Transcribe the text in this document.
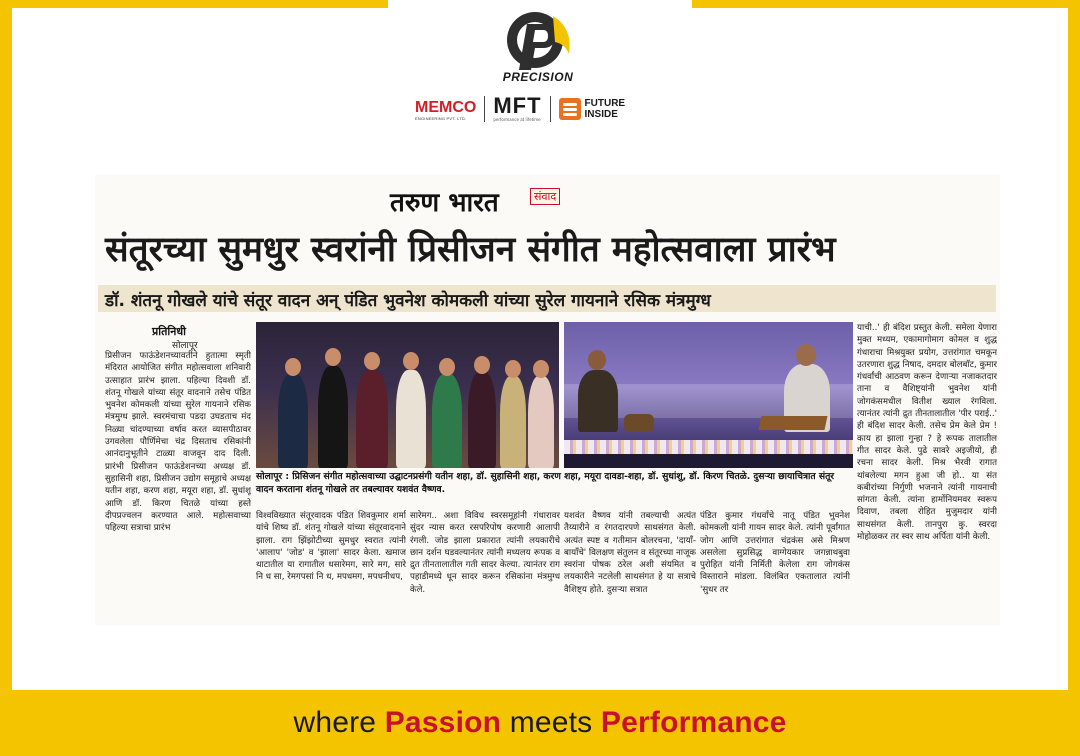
PRECISION
MEMCO
ENGINEERING PVT. LTD.
MFT
performance at lifetime
FUTURE
INSIDE
तरुण भारत	संवाद
संतूरच्या सुमधुर स्वरांनी प्रिसीजन संगीत महोत्सवाला प्रारंभ
डॉ. शंतनू गोखले यांचे संतूर वादन अन् पंडित भुवनेश कोमकली यांच्या सुरेल गायनाने रसिक मंत्रमुग्ध
प्रतिनिधी
सोलापूर
प्रिसीजन फाऊंडेशनच्यावतीने हुतात्मा स्मृती मंदिरात आयोजित संगीत महोत्सवाला शनिवारी उत्साहात प्रारंभ झाला. पहिल्या दिवशी डॉ. शंतनू गोखले यांच्या संतूर वादनाने तसेच पंडित भुवनेश कोमकली यांच्या सुरेल गायनाने रसिक मंत्रमुग्ध झाले. स्वरमंचाचा पडदा उघडताच मंद निळ्या चांदण्याच्या वर्षाव करत व्यासपीठावर उगवलेला पौर्णिमेचा चंद्र दिसताच रसिकांनी आनंदानुभूतीने टाळ्या वाजवून दाद दिली. प्रारंभी प्रिसीजन फाऊंडेशनच्या अध्यक्ष डॉ. सुहासिनी शहा, प्रिसीजन उद्योग समूहाचे अध्यक्ष यतीन शहा, करण शहा, मयूरा शहा, डॉ. सुधांशू आणि डॉ. किरण चितळे यांच्या हस्ते दीपप्रज्वलन करण्यात आले. महोत्सवाच्या पहिल्या सत्राचा प्रारंभ
सोलापूर : प्रिसिजन संगीत महोत्सवाच्या उद्घाटनप्रसंगी यतीन शहा, डॉ. सुहासिनी शहा, करण शहा, मयूरा दावडा-शहा, डॉ. सुधांशु, डॉ. किरण चितळे. दुसऱ्या छायाचित्रात संतूर वादन करताना शंतनू गोखले तर तबल्यावर यशवंत वैष्णव.
विश्वविख्यात संतूरवादक पंडित शिवकुमार शर्मा यांचे शिष्य डॉ. शंतनू गोखले यांच्या संतूरवादनाने झाला. राग झिंझोटीच्या सुमधुर स्वरात त्यांनी 'आलाप' 'जोड' व 'झाला' सादर केला. खमाज थाटातील या रागातील धसारेमग, सारे मग, सारे नि ध सा, रेमगपसां नि ध, मपधमग, मपधनीधप,
सारेमग.. अशा विविध स्वरसमूहांनी गंधारावर सुंदर न्यास करत रसपरिपोष करणारी आलापी रंगली. जोड झाला प्रकारात त्यांनी लयकारीचे छान दर्शन घडवल्यानंतर त्यांनी मध्यलय रूपक व द्रुत तीनतालातील गती सादर केल्या. त्यानंतर राग पहाडीमध्ये धून सादर करून रसिकांना मंत्रमुग्ध केले.
यशवंत वैष्णव यांनी तबल्याची अत्यंत तैय्यारीने व रंगतदारपणे साथसंगत केली. अत्यंत स्पष्ट व गतीमान बोलरचना, 'दायाँ-बायाँचे' विलक्षण संतुलन व संतूरच्या नाजूक स्वरांना पोषक ठरेल अशी संयमित व लयकारीने नटलेली साथसंगत हे या सत्राचे वैशिष्ट्य होते. दुसऱ्या सत्रात
पंडित कुमार गंधर्वांचे नातू पंडित भुवनेश कोमकली यांनी गायन सादर केले. त्यांनी पूर्वांगात जोग आणि उत्तरांगात चंद्रकंस असे मिश्रण असलेला सुप्रसिद्ध वाग्गेयकार जगन्नाथबुवा पुरोहित यांनी निर्मिती केलेला राग जोगकंस विस्ताराने मांडला. विलंबित एकतालात त्यांनी 'सुधर तर
याची..' ही बंदिश प्रस्तुत केली. समेला येणारा मुक्त मध्यम, एकामागोमाग कोमल व शुद्ध गंधाराचा मिश्रयुक्त प्रयोग, उत्तरांगात चमकून उतरणारा शुद्ध निषाद, दमदार बोलबॉट, कुमार गंधर्वांची आठवण करून देणाऱ्या नजाकतदार ताना व वैशिष्ट्यांनी भुवनेश यांनी जोगकंसमधील वितीश ख्याल रंगविला. त्यानंतर त्यांनी द्रुत तीनतालातील 'पीर पराई..' ही बंदिश सादर केली. तसेच प्रेम केले प्रेम ! काय हा झाला गुन्हा ? हे रूपक तालातील गीत सादर केले. पुढे सावरे अइजीयो, ही रचना सादर केली. मिश्र भैरवी रागात थांबलेल्या मगन हुआ जी हो.. या संत कबीरांच्या निर्गुणी भजनाने त्यांनी गायनाची सांगता केली. त्यांना हार्मोनियमवर स्वरूप दिवाण, तबला रोहित मुजुमदार यांनी साथसंगत केली. तानपुरा कु. स्वरदा मोहोळकर तर स्वर साथ अर्पिता यांनी केली.
where Passion meets Performance
